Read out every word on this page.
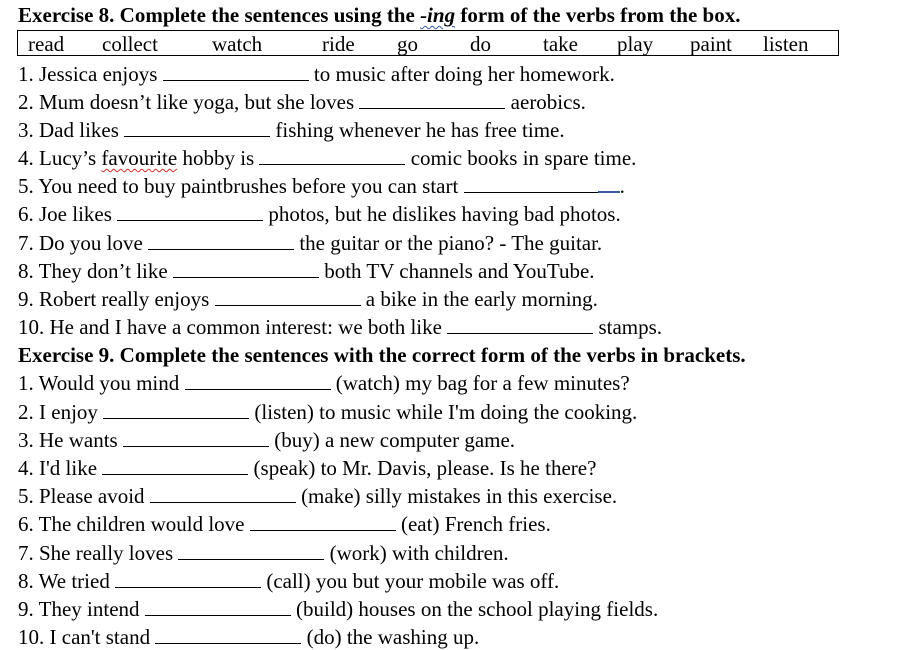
Exercise 8. Complete the sentences using the -ing form of the verbs from the box.
read collect	watch	ride go do take play paint listen
1. Jessica enjoys	to music after doing her homework.
2. Mum doesn’t like yoga, but she loves	aerobics.
3. Dad likes	fishing whenever he has free time.
4. Lucy’s favourite hobby is	comic books in spare time.
5. You need to buy paintbrushes before you can start	.
6. Joe likes	photos, but he dislikes having bad photos.
7. Do you love	the guitar or the piano? - The guitar.
8. They don’t like	both TV channels and YouTube.
9. Robert really enjoys	a bike in the early morning.
10. He and I have a common interest: we both like	stamps.
Exercise 9. Complete the sentences with the correct form of the verbs in brackets.
1. Would you mind	(watch) my bag for a few minutes?
2. I enjoy	(listen) to music while I'm doing the cooking.
3. He wants	(buy) a new computer game.
4. I'd like	(speak) to Mr. Davis, please. Is he there?
5. Please avoid	(make) silly mistakes in this exercise.
6. The children would love	(eat) French fries.
7. She really loves	(work) with children.
8. We tried	(call) you but your mobile was off.
9. They intend	(build) houses on the school playing fields.
10. I can't stand	(do) the washing up.
